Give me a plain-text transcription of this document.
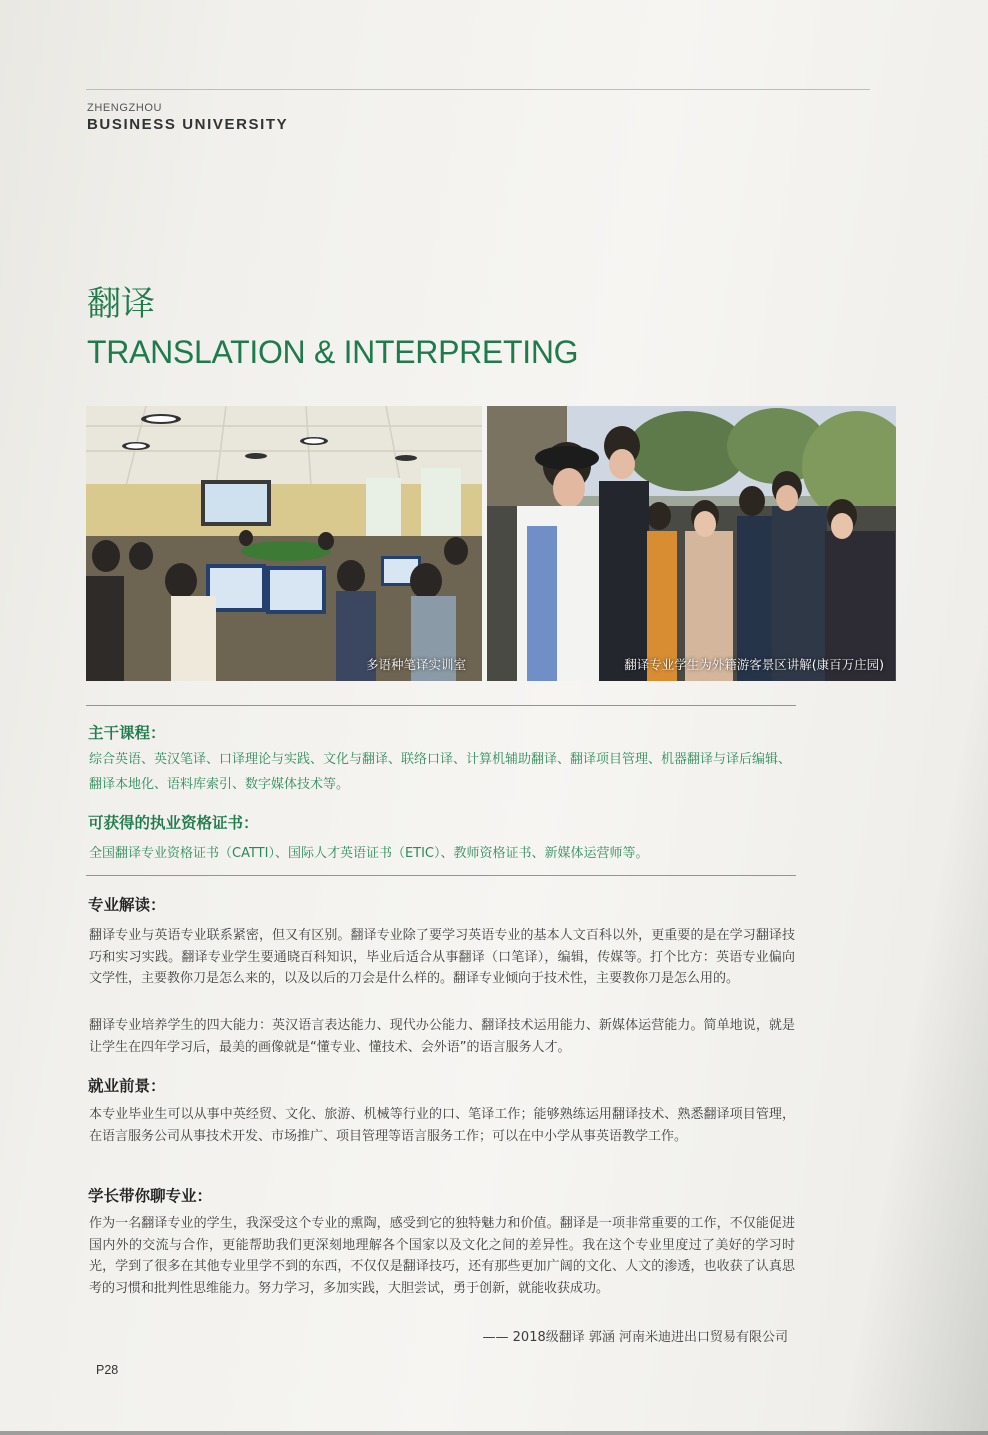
ZHENGZHOU
BUSINESS UNIVERSITY
翻译
TRANSLATION & INTERPRETING
多语种笔译实训室	翻译专业学生为外籍游客景区讲解(康百万庄园)
主干课程：
综合英语、英汉笔译、口译理论与实践、文化与翻译、联络口译、计算机辅助翻译、翻译项目管理、机器翻译与译后编辑、翻译本地化、语料库索引、数字媒体技术等。
可获得的执业资格证书：
全国翻译专业资格证书（CATTI）、国际人才英语证书（ETIC）、教师资格证书、新媒体运营师等。
专业解读：
翻译专业与英语专业联系紧密，但又有区别。翻译专业除了要学习英语专业的基本人文百科以外，更重要的是在学习翻译技巧和实习实践。翻译专业学生要通晓百科知识，毕业后适合从事翻译（口笔译），编辑，传媒等。打个比方：英语专业偏向文学性，主要教你刀是怎么来的，以及以后的刀会是什么样的。翻译专业倾向于技术性，主要教你刀是怎么用的。
翻译专业培养学生的四大能力：英汉语言表达能力、现代办公能力、翻译技术运用能力、新媒体运营能力。简单地说，就是让学生在四年学习后，最美的画像就是“懂专业、懂技术、会外语”的语言服务人才。
就业前景：
本专业毕业生可以从事中英经贸、文化、旅游、机械等行业的口、笔译工作；能够熟练运用翻译技术、熟悉翻译项目管理，在语言服务公司从事技术开发、市场推广、项目管理等语言服务工作；可以在中小学从事英语教学工作。
学长带你聊专业：
作为一名翻译专业的学生，我深受这个专业的熏陶，感受到它的独特魅力和价值。翻译是一项非常重要的工作，不仅能促进国内外的交流与合作，更能帮助我们更深刻地理解各个国家以及文化之间的差异性。我在这个专业里度过了美好的学习时光，学到了很多在其他专业里学不到的东西，不仅仅是翻译技巧，还有那些更加广阔的文化、人文的渗透，也收获了认真思考的习惯和批判性思维能力。努力学习，多加实践，大胆尝试，勇于创新，就能收获成功。
—— 2018级翻译 郭涵 河南米迪进出口贸易有限公司
P28
